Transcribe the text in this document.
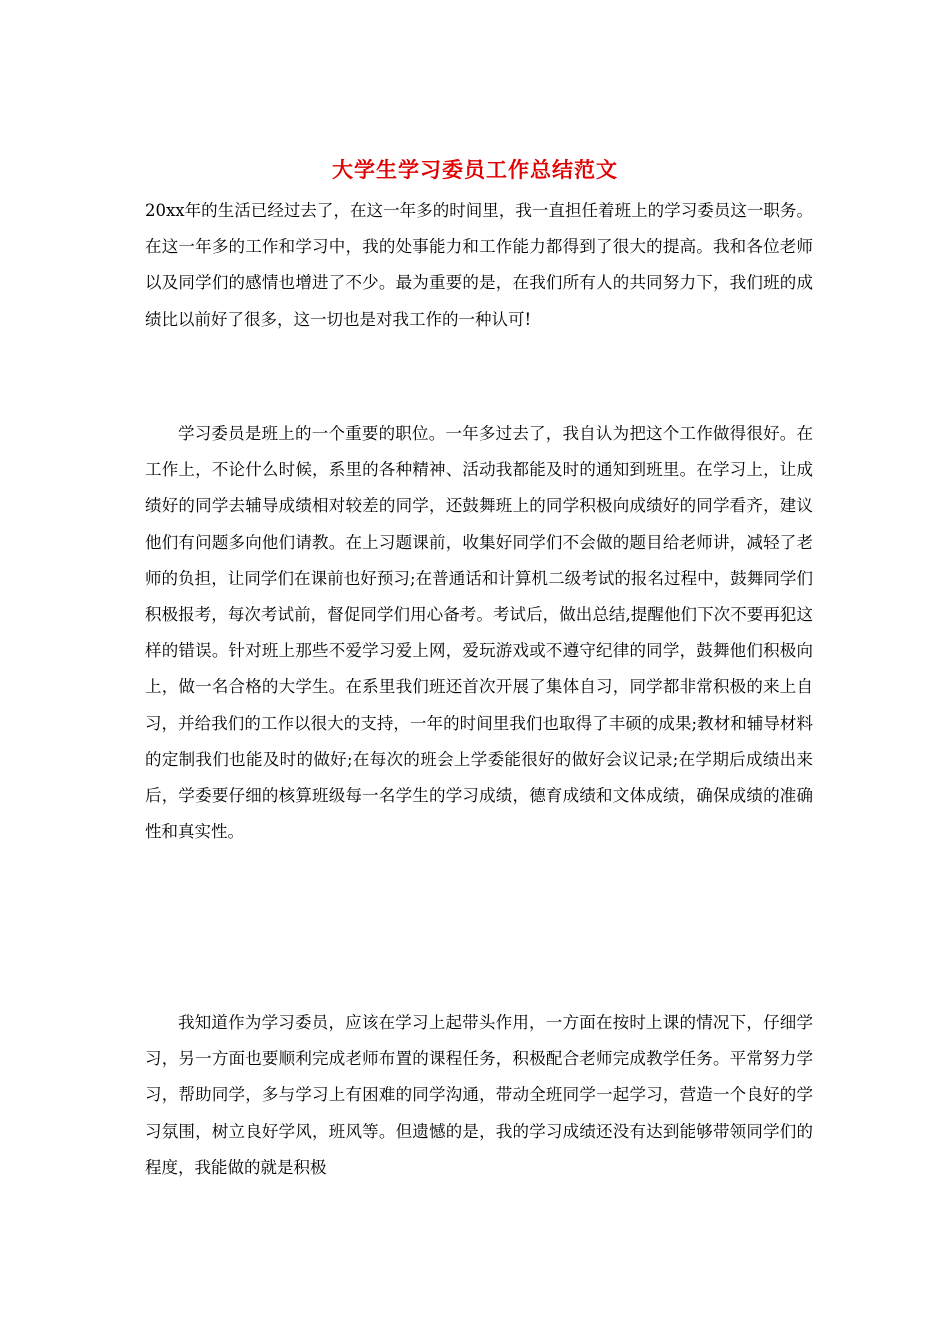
大学生学习委员工作总结范文

20xx年的生活已经过去了，在这一年多的时间里，我一直担任着班上的学习委员这一职务。在这一年多的工作和学习中，我的处事能力和工作能力都得到了很大的提高。我和各位老师以及同学们的感情也增进了不少。最为重要的是，在我们所有人的共同努力下，我们班的成绩比以前好了很多，这一切也是对我工作的一种认可!

学习委员是班上的一个重要的职位。一年多过去了，我自认为把这个工作做得很好。在工作上，不论什么时候，系里的各种精神、活动我都能及时的通知到班里。在学习上，让成绩好的同学去辅导成绩相对较差的同学，还鼓舞班上的同学积极向成绩好的同学看齐，建议他们有问题多向他们请教。在上习题课前，收集好同学们不会做的题目给老师讲，减轻了老师的负担，让同学们在课前也好预习;在普通话和计算机二级考试的报名过程中，鼓舞同学们积极报考，每次考试前，督促同学们用心备考。考试后，做出总结,提醒他们下次不要再犯这样的错误。针对班上那些不爱学习爱上网，爱玩游戏或不遵守纪律的同学，鼓舞他们积极向上，做一名合格的大学生。在系里我们班还首次开展了集体自习，同学都非常积极的来上自习，并给我们的工作以很大的支持，一年的时间里我们也取得了丰硕的成果;教材和辅导材料的定制我们也能及时的做好;在每次的班会上学委能很好的做好会议记录;在学期后成绩出来后，学委要仔细的核算班级每一名学生的学习成绩，德育成绩和文体成绩，确保成绩的准确性和真实性。

我知道作为学习委员，应该在学习上起带头作用，一方面在按时上课的情况下，仔细学习，另一方面也要顺利完成老师布置的课程任务，积极配合老师完成教学任务。平常努力学习，帮助同学，多与学习上有困难的同学沟通，带动全班同学一起学习，营造一个良好的学习氛围，树立良好学风，班风等。但遗憾的是，我的学习成绩还没有达到能够带领同学们的程度，我能做的就是积极
